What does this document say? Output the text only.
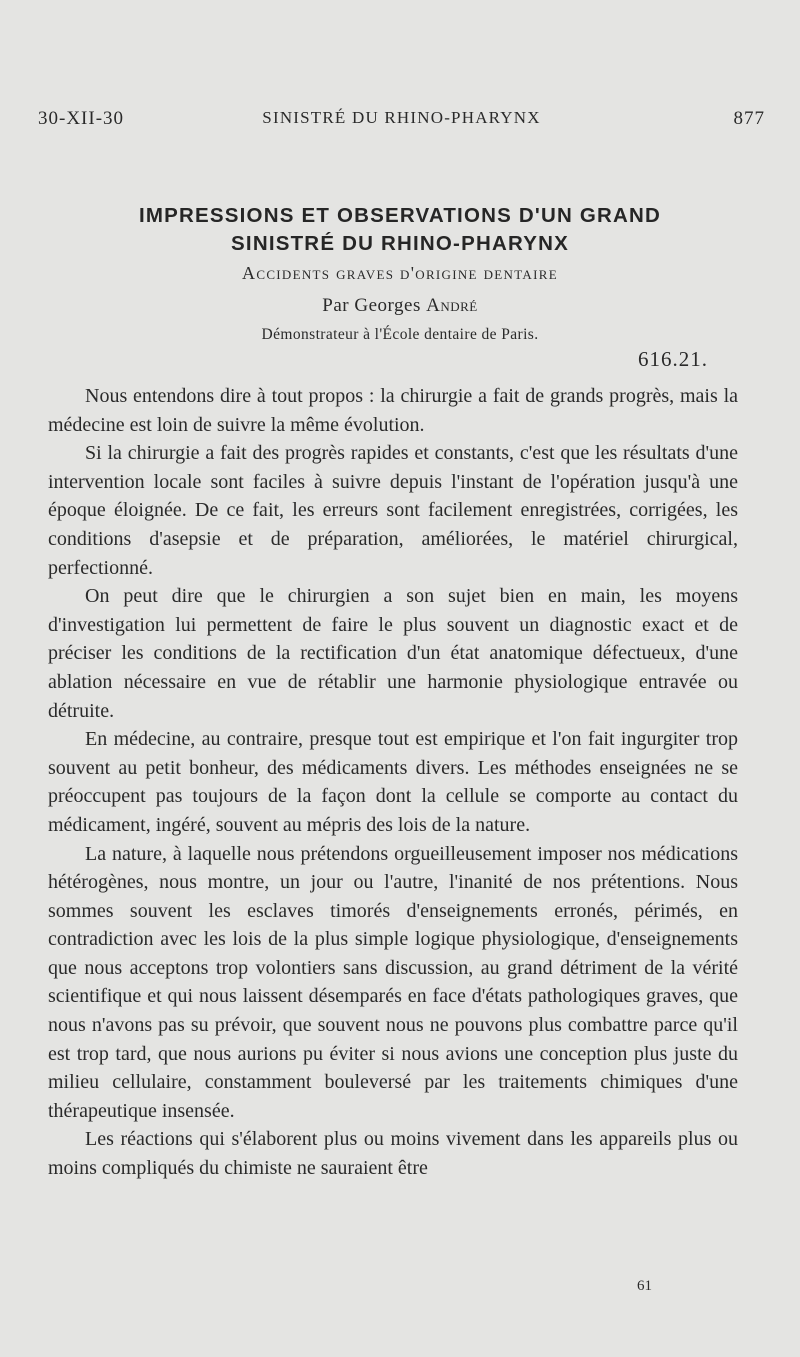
30-XII-30	SINISTRÉ DU RHINO-PHARYNX	877
IMPRESSIONS ET OBSERVATIONS D'UN GRAND
SINISTRÉ DU RHINO-PHARYNX
Accidents graves d'origine dentaire
Par Georges André
Démonstrateur à l'École dentaire de Paris.
616.21.

Nous entendons dire à tout propos : la chirurgie a fait de grands progrès, mais la médecine est loin de suivre la même évolution.

Si la chirurgie a fait des progrès rapides et constants, c'est que les résultats d'une intervention locale sont faciles à suivre depuis l'instant de l'opération jusqu'à une époque éloignée. De ce fait, les erreurs sont facilement enregistrées, corrigées, les conditions d'asepsie et de préparation, améliorées, le matériel chirurgical, perfectionné.

On peut dire que le chirurgien a son sujet bien en main, les moyens d'investigation lui permettent de faire le plus souvent un diagnostic exact et de préciser les conditions de la rectification d'un état anatomique défectueux, d'une ablation nécessaire en vue de rétablir une harmonie physiologique entravée ou détruite.

En médecine, au contraire, presque tout est empirique et l'on fait ingurgiter trop souvent au petit bonheur, des médicaments divers. Les méthodes enseignées ne se préoccupent pas toujours de la façon dont la cellule se comporte au contact du médicament, ingéré, souvent au mépris des lois de la nature.

La nature, à laquelle nous prétendons orgueilleusement imposer nos médications hétérogènes, nous montre, un jour ou l'autre, l'inanité de nos prétentions. Nous sommes souvent les esclaves timorés d'enseignements erronés, périmés, en contradiction avec les lois de la plus simple logique physiologique, d'enseignements que nous acceptons trop volontiers sans discussion, au grand détriment de la vérité scientifique et qui nous laissent désemparés en face d'états pathologiques graves, que nous n'avons pas su prévoir, que souvent nous ne pouvons plus combattre parce qu'il est trop tard, que nous aurions pu éviter si nous avions une conception plus juste du milieu cellulaire, constamment bouleversé par les traitements chimiques d'une thérapeutique insensée.

Les réactions qui s'élaborent plus ou moins vivement dans les appareils plus ou moins compliqués du chimiste ne sauraient être

61
